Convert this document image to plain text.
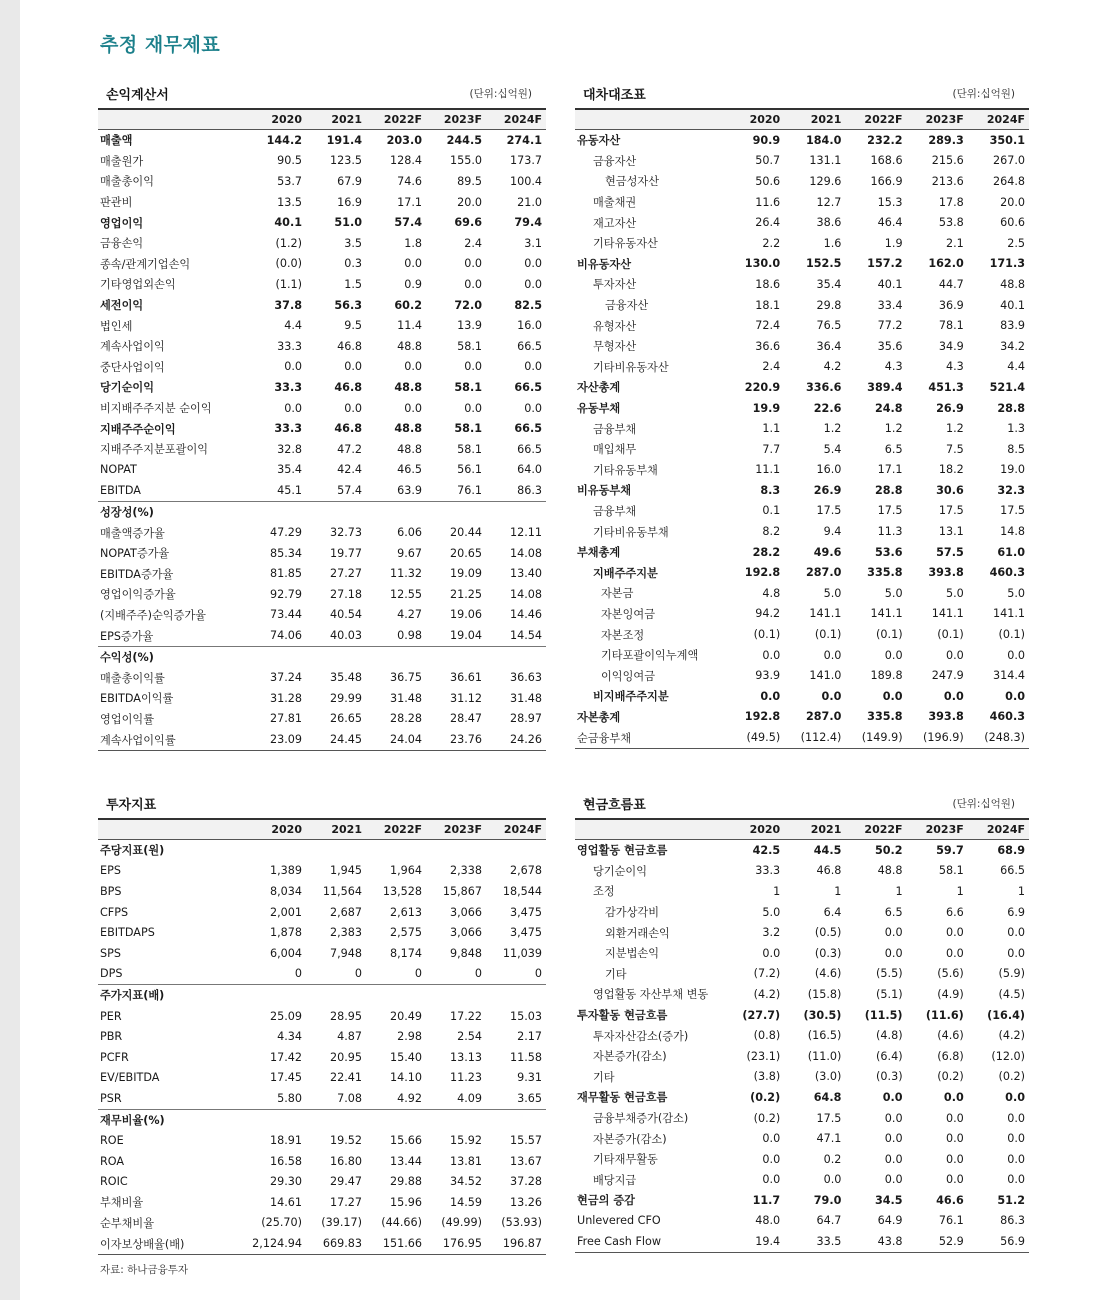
추정 재무제표
손익계산서	(단위:십억원)
	2020	2021	2022F	2023F	2024F
매출액	144.2	191.4	203.0	244.5	274.1
매출원가	90.5	123.5	128.4	155.0	173.7
매출총이익	53.7	67.9	74.6	89.5	100.4
판관비	13.5	16.9	17.1	20.0	21.0
영업이익	40.1	51.0	57.4	69.6	79.4
금융손익	(1.2)	3.5	1.8	2.4	3.1
종속/관계기업손익	(0.0)	0.3	0.0	0.0	0.0
기타영업외손익	(1.1)	1.5	0.9	0.0	0.0
세전이익	37.8	56.3	60.2	72.0	82.5
법인세	4.4	9.5	11.4	13.9	16.0
계속사업이익	33.3	46.8	48.8	58.1	66.5
중단사업이익	0.0	0.0	0.0	0.0	0.0
당기순이익	33.3	46.8	48.8	58.1	66.5
비지배주주지분 순이익	0.0	0.0	0.0	0.0	0.0
지배주주순이익	33.3	46.8	48.8	58.1	66.5
지배주주지분포괄이익	32.8	47.2	48.8	58.1	66.5
NOPAT	35.4	42.4	46.5	56.1	64.0
EBITDA	45.1	57.4	63.9	76.1	86.3
성장성(%)					
매출액증가율	47.29	32.73	6.06	20.44	12.11
NOPAT증가율	85.34	19.77	9.67	20.65	14.08
EBITDA증가율	81.85	27.27	11.32	19.09	13.40
영업이익증가율	92.79	27.18	12.55	21.25	14.08
(지배주주)순익증가율	73.44	40.54	4.27	19.06	14.46
EPS증가율	74.06	40.03	0.98	19.04	14.54
수익성(%)					
매출총이익률	37.24	35.48	36.75	36.61	36.63
EBITDA이익률	31.28	29.99	31.48	31.12	31.48
영업이익률	27.81	26.65	28.28	28.47	28.97
계속사업이익률	23.09	24.45	24.04	23.76	24.26
대차대조표	(단위:십억원)
	2020	2021	2022F	2023F	2024F
유동자산	90.9	184.0	232.2	289.3	350.1
금융자산	50.7	131.1	168.6	215.6	267.0
현금성자산	50.6	129.6	166.9	213.6	264.8
매출채권	11.6	12.7	15.3	17.8	20.0
재고자산	26.4	38.6	46.4	53.8	60.6
기타유동자산	2.2	1.6	1.9	2.1	2.5
비유동자산	130.0	152.5	157.2	162.0	171.3
투자자산	18.6	35.4	40.1	44.7	48.8
금융자산	18.1	29.8	33.4	36.9	40.1
유형자산	72.4	76.5	77.2	78.1	83.9
무형자산	36.6	36.4	35.6	34.9	34.2
기타비유동자산	2.4	4.2	4.3	4.3	4.4
자산총계	220.9	336.6	389.4	451.3	521.4
유동부채	19.9	22.6	24.8	26.9	28.8
금융부채	1.1	1.2	1.2	1.2	1.3
매입채무	7.7	5.4	6.5	7.5	8.5
기타유동부채	11.1	16.0	17.1	18.2	19.0
비유동부채	8.3	26.9	28.8	30.6	32.3
금융부채	0.1	17.5	17.5	17.5	17.5
기타비유동부채	8.2	9.4	11.3	13.1	14.8
부채총계	28.2	49.6	53.6	57.5	61.0
지배주주지분	192.8	287.0	335.8	393.8	460.3
자본금	4.8	5.0	5.0	5.0	5.0
자본잉여금	94.2	141.1	141.1	141.1	141.1
자본조정	(0.1)	(0.1)	(0.1)	(0.1)	(0.1)
기타포괄이익누계액	0.0	0.0	0.0	0.0	0.0
이익잉여금	93.9	141.0	189.8	247.9	314.4
비지배주주지분	0.0	0.0	0.0	0.0	0.0
자본총계	192.8	287.0	335.8	393.8	460.3
순금융부채	(49.5)	(112.4)	(149.9)	(196.9)	(248.3)
투자지표
	2020	2021	2022F	2023F	2024F
주당지표(원)					
EPS	1,389	1,945	1,964	2,338	2,678
BPS	8,034	11,564	13,528	15,867	18,544
CFPS	2,001	2,687	2,613	3,066	3,475
EBITDAPS	1,878	2,383	2,575	3,066	3,475
SPS	6,004	7,948	8,174	9,848	11,039
DPS	0	0	0	0	0
주가지표(배)					
PER	25.09	28.95	20.49	17.22	15.03
PBR	4.34	4.87	2.98	2.54	2.17
PCFR	17.42	20.95	15.40	13.13	11.58
EV/EBITDA	17.45	22.41	14.10	11.23	9.31
PSR	5.80	7.08	4.92	4.09	3.65
재무비율(%)					
ROE	18.91	19.52	15.66	15.92	15.57
ROA	16.58	16.80	13.44	13.81	13.67
ROIC	29.30	29.47	29.88	34.52	37.28
부채비율	14.61	17.27	15.96	14.59	13.26
순부채비율	(25.70)	(39.17)	(44.66)	(49.99)	(53.93)
이자보상배율(배)	2,124.94	669.83	151.66	176.95	196.87
현금흐름표	(단위:십억원)
	2020	2021	2022F	2023F	2024F
영업활동 현금흐름	42.5	44.5	50.2	59.7	68.9
당기순이익	33.3	46.8	48.8	58.1	66.5
조정	1	1	1	1	1
감가상각비	5.0	6.4	6.5	6.6	6.9
외환거래손익	3.2	(0.5)	0.0	0.0	0.0
지분법손익	0.0	(0.3)	0.0	0.0	0.0
기타	(7.2)	(4.6)	(5.5)	(5.6)	(5.9)
영업활동 자산부채 변동	(4.2)	(15.8)	(5.1)	(4.9)	(4.5)
투자활동 현금흐름	(27.7)	(30.5)	(11.5)	(11.6)	(16.4)
투자자산감소(증가)	(0.8)	(16.5)	(4.8)	(4.6)	(4.2)
자본증가(감소)	(23.1)	(11.0)	(6.4)	(6.8)	(12.0)
기타	(3.8)	(3.0)	(0.3)	(0.2)	(0.2)
재무활동 현금흐름	(0.2)	64.8	0.0	0.0	0.0
금융부채증가(감소)	(0.2)	17.5	0.0	0.0	0.0
자본증가(감소)	0.0	47.1	0.0	0.0	0.0
기타재무활동	0.0	0.2	0.0	0.0	0.0
배당지급	0.0	0.0	0.0	0.0	0.0
현금의 증감	11.7	79.0	34.5	46.6	51.2
Unlevered CFO	48.0	64.7	64.9	76.1	86.3
Free Cash Flow	19.4	33.5	43.8	52.9	56.9
자료: 하나금융투자
